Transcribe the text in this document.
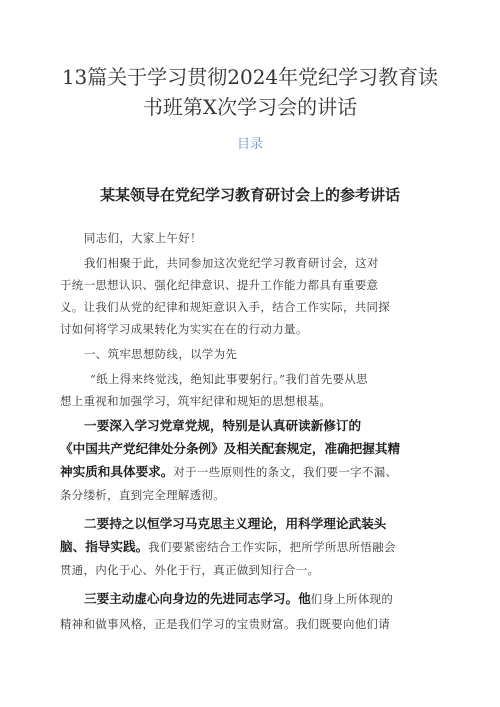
13篇关于学习贯彻2024年党纪学习教育读
书班第X次学习会的讲话
目录
某某领导在党纪学习教育研讨会上的参考讲话
同志们，大家上午好！
我们相聚于此，共同参加这次党纪学习教育研讨会，这对
于统一思想认识、强化纪律意识、提升工作能力都具有重要意
义。让我们从党的纪律和规矩意识入手，结合工作实际，共同探
讨如何将学习成果转化为实实在在的行动力量。
一、筑牢思想防线，以学为先
“纸上得来终觉浅，绝知此事要躬行。”我们首先要从思
想上重视和加强学习，筑牢纪律和规矩的思想根基。
一要深入学习党章党规，特别是认真研读新修订的
《中国共产党纪律处分条例》及相关配套规定，准确把握其精
神实质和具体要求。对于一些原则性的条文，我们要一字不漏、
条分缕析，直到完全理解透彻。
二要持之以恒学习马克思主义理论，用科学理论武装头
脑、指导实践。我们要紧密结合工作实际，把所学所思所悟融会
贯通，内化于心、外化于行，真正做到知行合一。
三要主动虚心向身边的先进同志学习。他们身上所体现的
精神和做事风格，正是我们学习的宝贵财富。我们既要向他们请
